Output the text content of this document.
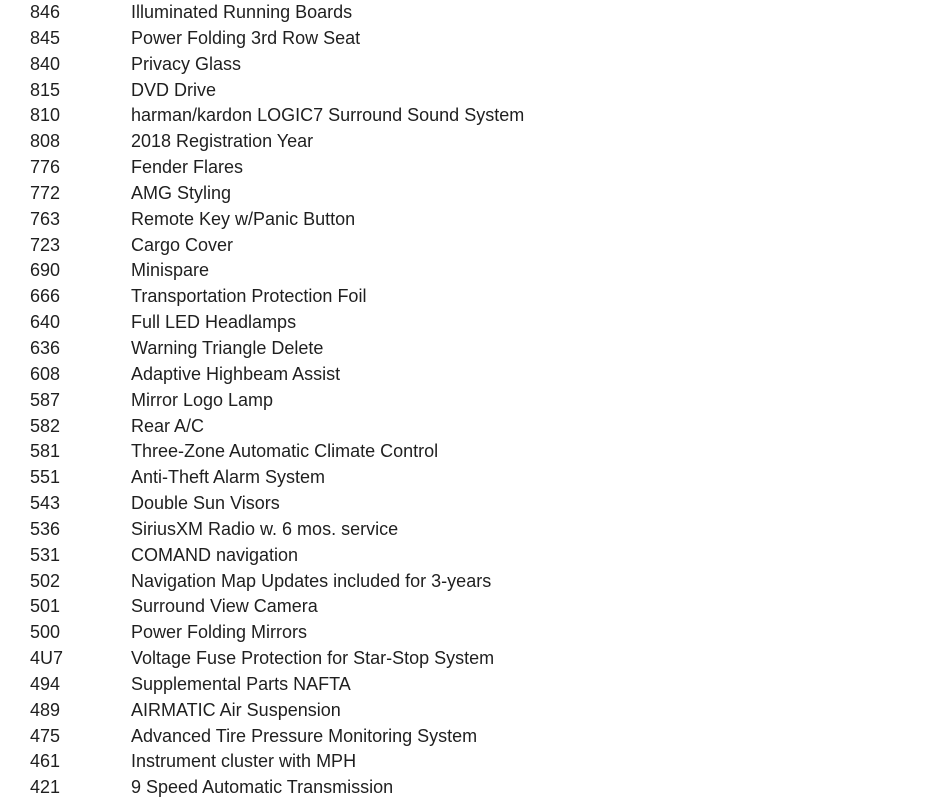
846	Illuminated Running Boards
845	Power Folding 3rd Row Seat
840	Privacy Glass
815	DVD Drive
810	harman/kardon LOGIC7 Surround Sound System
808	2018 Registration Year
776	Fender Flares
772	AMG Styling
763	Remote Key w/Panic Button
723	Cargo Cover
690	Minispare
666	Transportation Protection Foil
640	Full LED Headlamps
636	Warning Triangle Delete
608	Adaptive Highbeam Assist
587	Mirror Logo Lamp
582	Rear A/C
581	Three-Zone Automatic Climate Control
551	Anti-Theft Alarm System
543	Double Sun Visors
536	SiriusXM Radio w. 6 mos. service
531	COMAND navigation
502	Navigation Map Updates included for 3-years
501	Surround View Camera
500	Power Folding Mirrors
4U7	Voltage Fuse Protection for Star-Stop System
494	Supplemental Parts NAFTA
489	AIRMATIC Air Suspension
475	Advanced Tire Pressure Monitoring System
461	Instrument cluster with MPH
421	9 Speed Automatic Transmission
